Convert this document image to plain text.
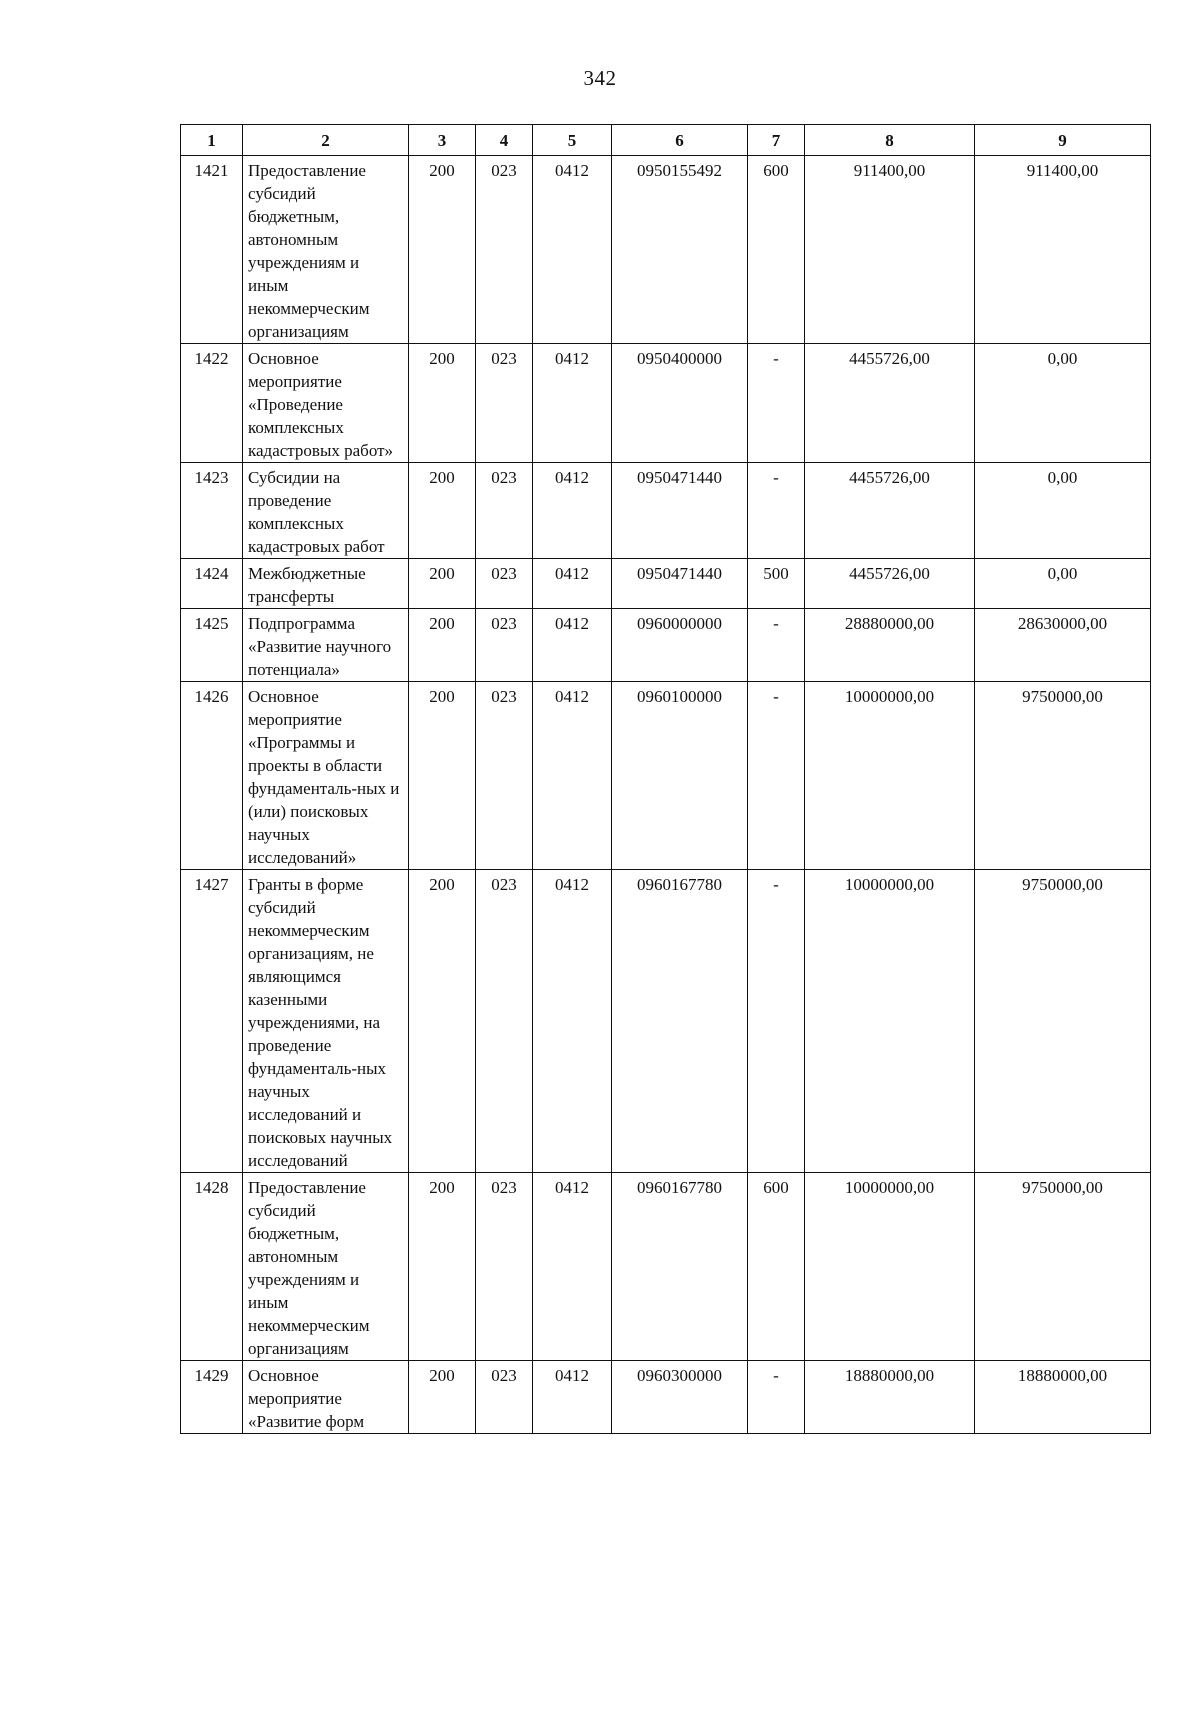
342
1	2	3	4	5	6	7	8	9
1421	Предоставление субсидий бюджетным, автономным учреждениям и иным некоммерческим организациям	200	023	0412	0950155492	600	911400,00	911400,00
1422	Основное мероприятие «Проведение комплексных кадастровых работ»	200	023	0412	0950400000	-	4455726,00	0,00
1423	Субсидии на проведение комплексных кадастровых работ	200	023	0412	0950471440	-	4455726,00	0,00
1424	Межбюджетные трансферты	200	023	0412	0950471440	500	4455726,00	0,00
1425	Подпрограмма «Развитие научного потенциала»	200	023	0412	0960000000	-	28880000,00	28630000,00
1426	Основное мероприятие «Программы и проекты в области фундаменталь-ных и (или) поисковых научных исследований»	200	023	0412	0960100000	-	10000000,00	9750000,00
1427	Гранты в форме субсидий некоммерческим организациям, не являющимся казенными учреждениями, на проведение фундаменталь-ных научных исследований и поисковых научных исследований	200	023	0412	0960167780	-	10000000,00	9750000,00
1428	Предоставление субсидий бюджетным, автономным учреждениям и иным некоммерческим организациям	200	023	0412	0960167780	600	10000000,00	9750000,00
1429	Основное мероприятие «Развитие форм	200	023	0412	0960300000	-	18880000,00	18880000,00
